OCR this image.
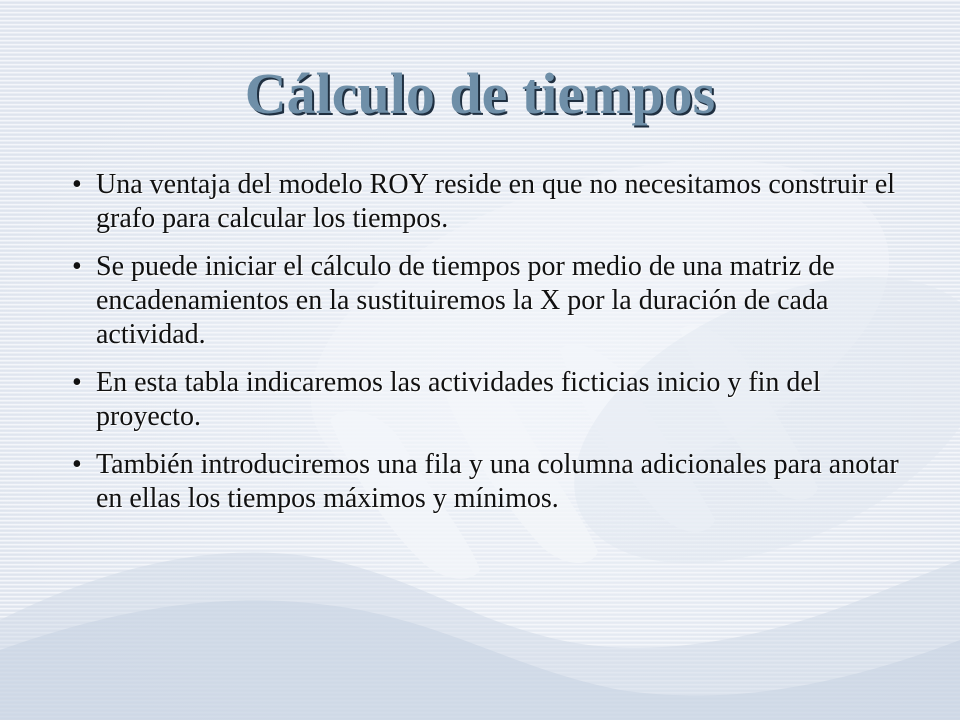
Cálculo de tiempos
• Una ventaja del modelo ROY reside en que no necesitamos construir el grafo para calcular los tiempos.
• Se puede iniciar el cálculo de tiempos por medio de una matriz de encadenamientos en la sustituiremos la X por la duración de cada actividad.
• En esta tabla indicaremos las actividades ficticias inicio y fin del proyecto.
• También introduciremos una fila y una columna adicionales para anotar en ellas los tiempos máximos y mínimos.
